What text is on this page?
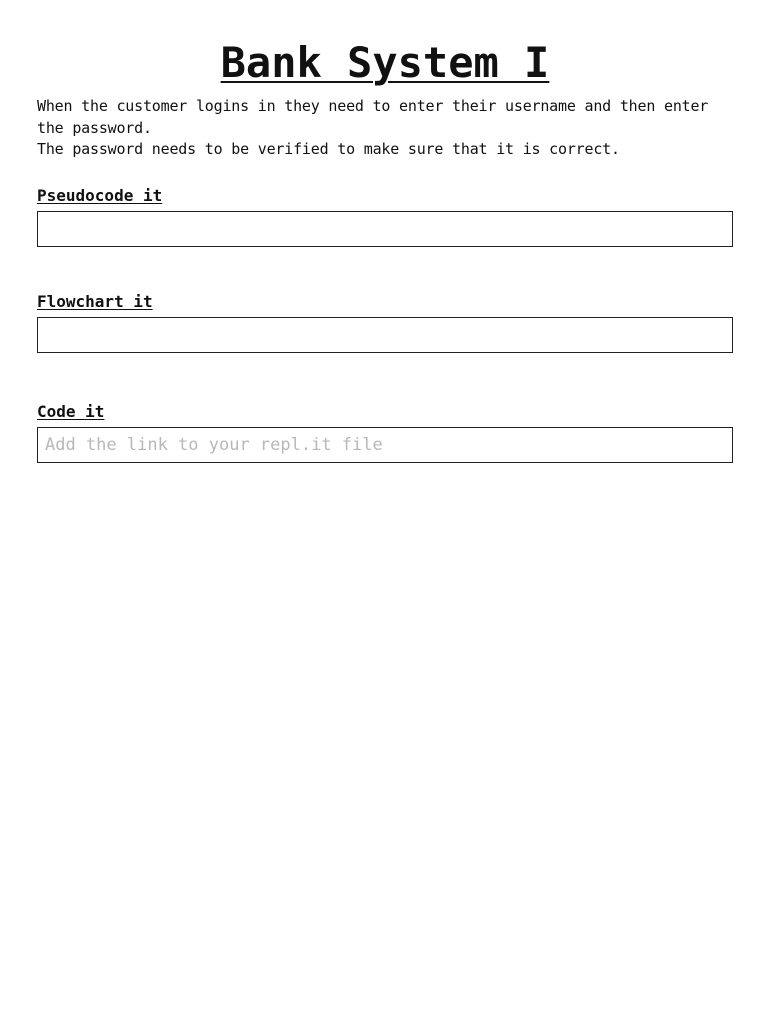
Bank System I

When the customer logins in they need to enter their username and then enter the password.

The password needs to be verified to make sure that it is correct.

Pseudocode it
Flowchart it
Code it
Add the link to your repl.it file
